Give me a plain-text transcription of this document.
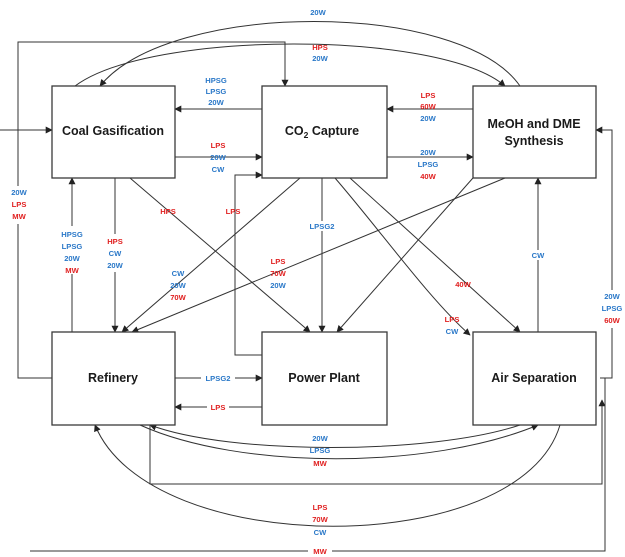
Coal Gasification	$CO_2$ Capture	MeOH and DME
Synthesis
Refinery	Power Plant	Air Separation
20W
HPS
20W
HPSG
LPSG
20W
LPS
60W
20W
LPS
20W
CW
20W
LPSG
40W
20W
LPS
MW
HPSG
LPSG
20W
MW
HPS
CW
20W
HPS	LPS
LPSG2
CW
20W
70W
LPS
70W
20W	40W
LPS
CW
CW
20W
LPSG
60W
LPSG2
LPS
20W
LPSG
MW
LPS
70W
CW
MW
